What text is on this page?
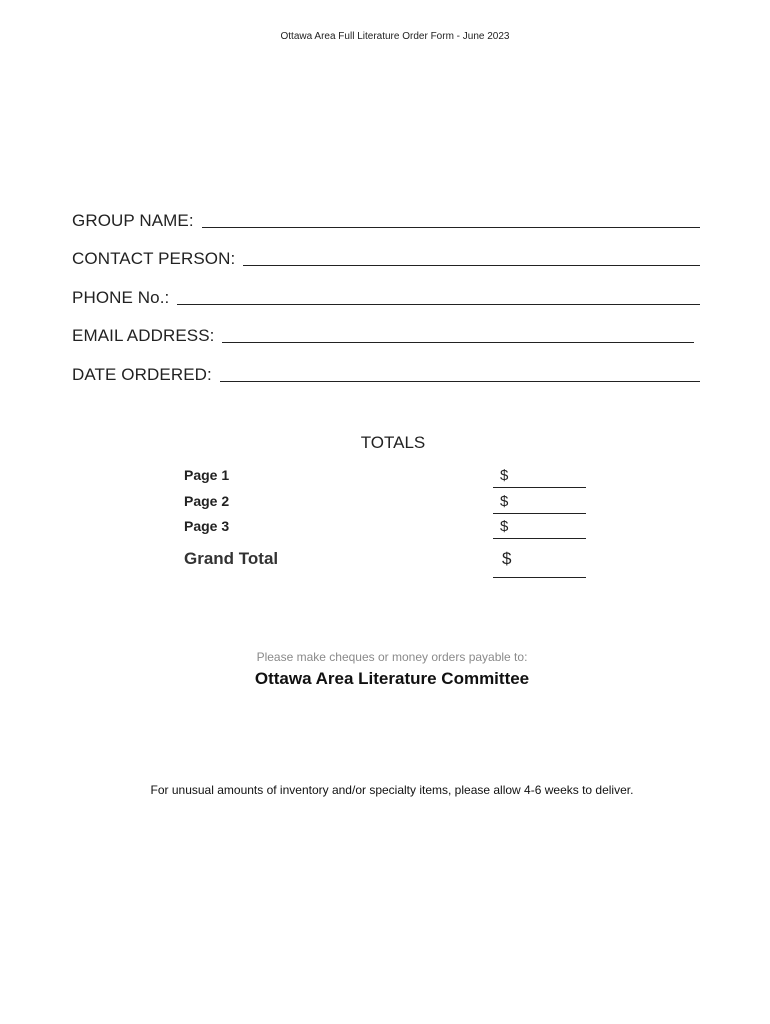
Ottawa Area Full Literature Order Form - June 2023
GROUP NAME:
CONTACT PERSON:
PHONE No.:
EMAIL ADDRESS:
DATE ORDERED:
TOTALS
Page 1	$
Page 2	$
Page 3	$
Grand Total	$
Please make cheques or money orders payable to:
Ottawa Area Literature Committee
For unusual amounts of inventory and/or specialty items, please allow 4-6 weeks to deliver.
